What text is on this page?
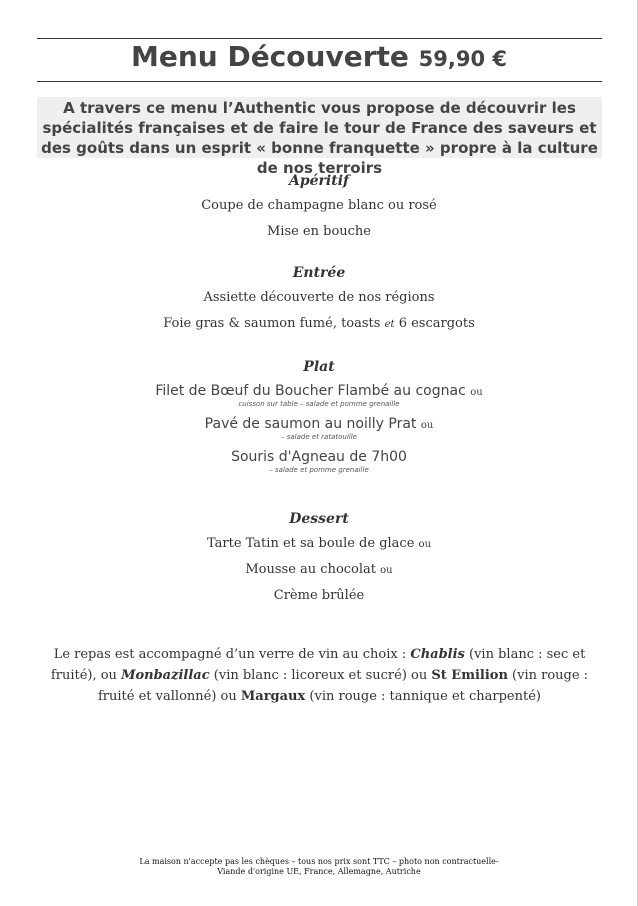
Menu Découverte 59,90 €
A travers ce menu l’Authentic vous propose de découvrir les spécialités françaises et de faire le tour de France des saveurs et des goûts dans un esprit « bonne franquette » propre à la culture de nos terroirs
Apéritif
Coupe de champagne blanc ou rosé
Mise en bouche
Entrée
Assiette découverte de nos régions
Foie gras & saumon fumé, toasts et 6 escargots
Plat
Filet de Bœuf du Boucher Flambé au cognac ou
cuisson sur table – salade et pomme grenaille
Pavé de saumon au noilly Prat ou
– salade et ratatouille
Souris d'Agneau de 7h00
– salade et pomme grenaille
Dessert
Tarte Tatin et sa boule de glace ou
Mousse au chocolat ou
Crème brûlée
Le repas est accompagné d’un verre de vin au choix : Chablis (vin blanc : sec et fruité), ou Monbazillac (vin blanc : licoreux et sucré) ou St Emilion (vin rouge : fruité et vallonné) ou Margaux (vin rouge : tannique et charpenté)
La maison n'accepte pas les chèques – tous nos prix sont TTC – photo non contractuelle-
Viande d'origine UE, France, Allemagne, Autriche
